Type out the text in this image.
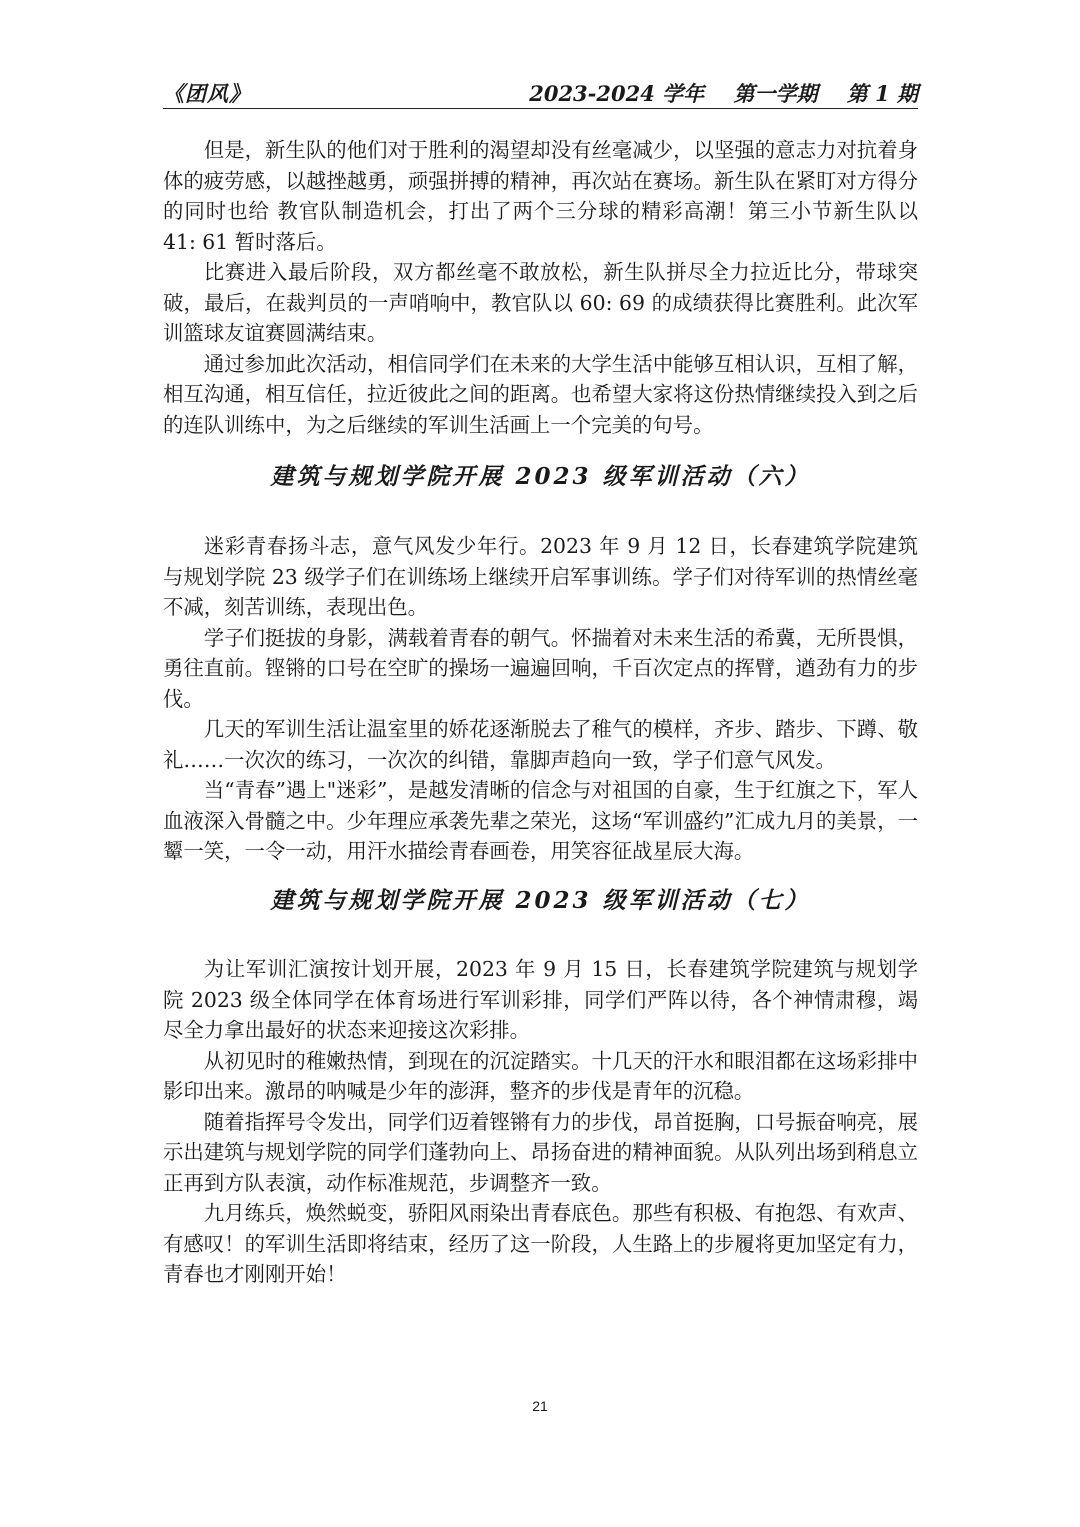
《团风》	2023-2024 学年 第一学期 第 1 期

但是，新生队的他们对于胜利的渴望却没有丝毫减少，以坚强的意志力对抗着身体的疲劳感，以越挫越勇，顽强拼搏的精神，再次站在赛场。新生队在紧盯对方得分的同时也给 教官队制造机会，打出了两个三分球的精彩高潮！第三小节新生队以 41: 61 暂时落后。

比赛进入最后阶段，双方都丝毫不敢放松，新生队拼尽全力拉近比分，带球突破，最后，在裁判员的一声哨响中，教官队以 60: 69 的成绩获得比赛胜利。此次军训篮球友谊赛圆满结束。

通过参加此次活动，相信同学们在未来的大学生活中能够互相认识，互相了解，相互沟通，相互信任，拉近彼此之间的距离。也希望大家将这份热情继续投入到之后的连队训练中，为之后继续的军训生活画上一个完美的句号。

建筑与规划学院开展 2023 级军训活动（六）

迷彩青春扬斗志，意气风发少年行。2023 年 9 月 12 日，长春建筑学院建筑与规划学院 23 级学子们在训练场上继续开启军事训练。学子们对待军训的热情丝毫不减，刻苦训练，表现出色。

学子们挺拔的身影，满载着青春的朝气。怀揣着对未来生活的希冀，无所畏惧，勇往直前。铿锵的口号在空旷的操场一遍遍回响，千百次定点的挥臂，遒劲有力的步伐。

几天的军训生活让温室里的娇花逐渐脱去了稚气的模样，齐步、踏步、下蹲、敬礼……一次次的练习，一次次的纠错，靠脚声趋向一致，学子们意气风发。

当“青春”遇上"迷彩”，是越发清晰的信念与对祖国的自豪，生于红旗之下，军人血液深入骨髓之中。少年理应承袭先辈之荣光，这场“军训盛约”汇成九月的美景，一颦一笑，一令一动，用汗水描绘青春画卷，用笑容征战星辰大海。

建筑与规划学院开展 2023 级军训活动（七）

为让军训汇演按计划开展，2023 年 9 月 15 日，长春建筑学院建筑与规划学院 2023 级全体同学在体育场进行军训彩排，同学们严阵以待，各个神情肃穆，竭尽全力拿出最好的状态来迎接这次彩排。

从初见时的稚嫩热情，到现在的沉淀踏实。十几天的汗水和眼泪都在这场彩排中影印出来。激昂的呐喊是少年的澎湃，整齐的步伐是青年的沉稳。

随着指挥号令发出，同学们迈着铿锵有力的步伐，昂首挺胸，口号振奋响亮，展示出建筑与规划学院的同学们蓬勃向上、昂扬奋进的精神面貌。从队列出场到稍息立正再到方队表演，动作标准规范，步调整齐一致。

九月练兵，焕然蜕变，骄阳风雨染出青春底色。那些有积极、有抱怨、有欢声、有感叹！的军训生活即将结束，经历了这一阶段，人生路上的步履将更加坚定有力，青春也才刚刚开始！

21
